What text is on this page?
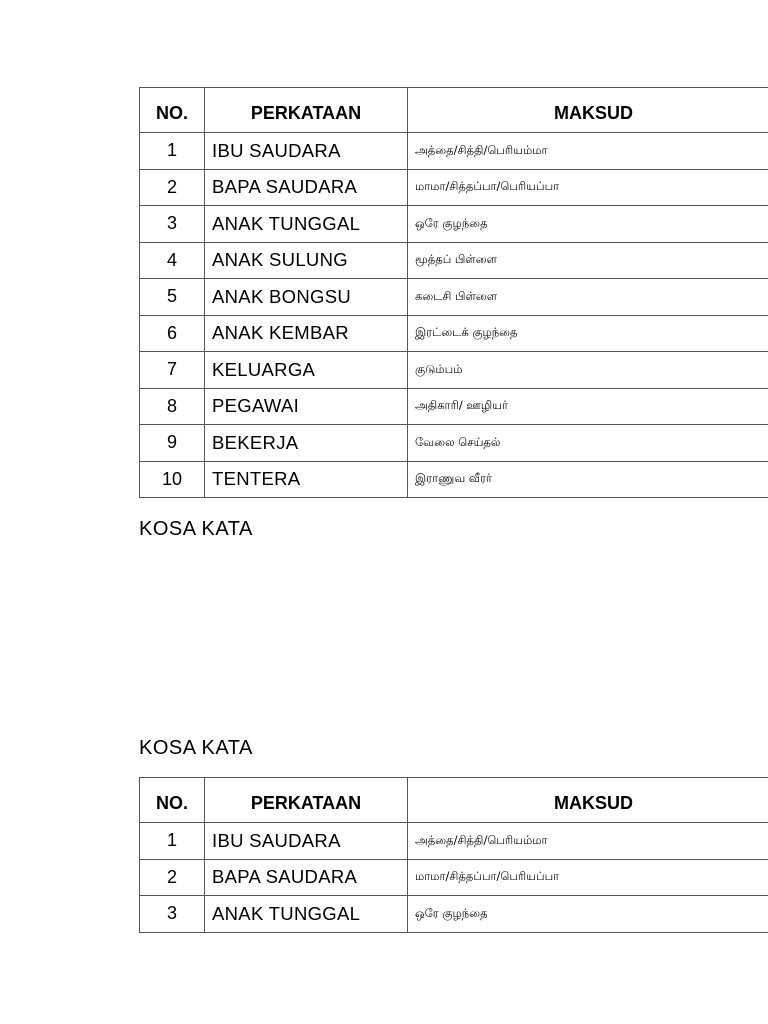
NO.	PERKATAAN	MAKSUD
1	IBU SAUDARA	அத்தை/சித்தி/பெரியம்மா
2	BAPA SAUDARA	மாமா/சித்தப்பா/பெரியப்பா
3	ANAK TUNGGAL	ஒரே குழந்தை
4	ANAK SULUNG	மூத்தப் பிள்ளை
5	ANAK BONGSU	கடைசி பிள்ளை
6	ANAK KEMBAR	இரட்டைக் குழந்தை
7	KELUARGA	குடும்பம்
8	PEGAWAI	அதிகாரி/ ஊழியர்
9	BEKERJA	வேலை செய்தல்
10	TENTERA	இராணுவ வீரர்
KOSA KATA
KOSA KATA
NO.	PERKATAAN	MAKSUD
1	IBU SAUDARA	அத்தை/சித்தி/பெரியம்மா
2	BAPA SAUDARA	மாமா/சித்தப்பா/பெரியப்பா
3	ANAK TUNGGAL	ஒரே குழந்தை
